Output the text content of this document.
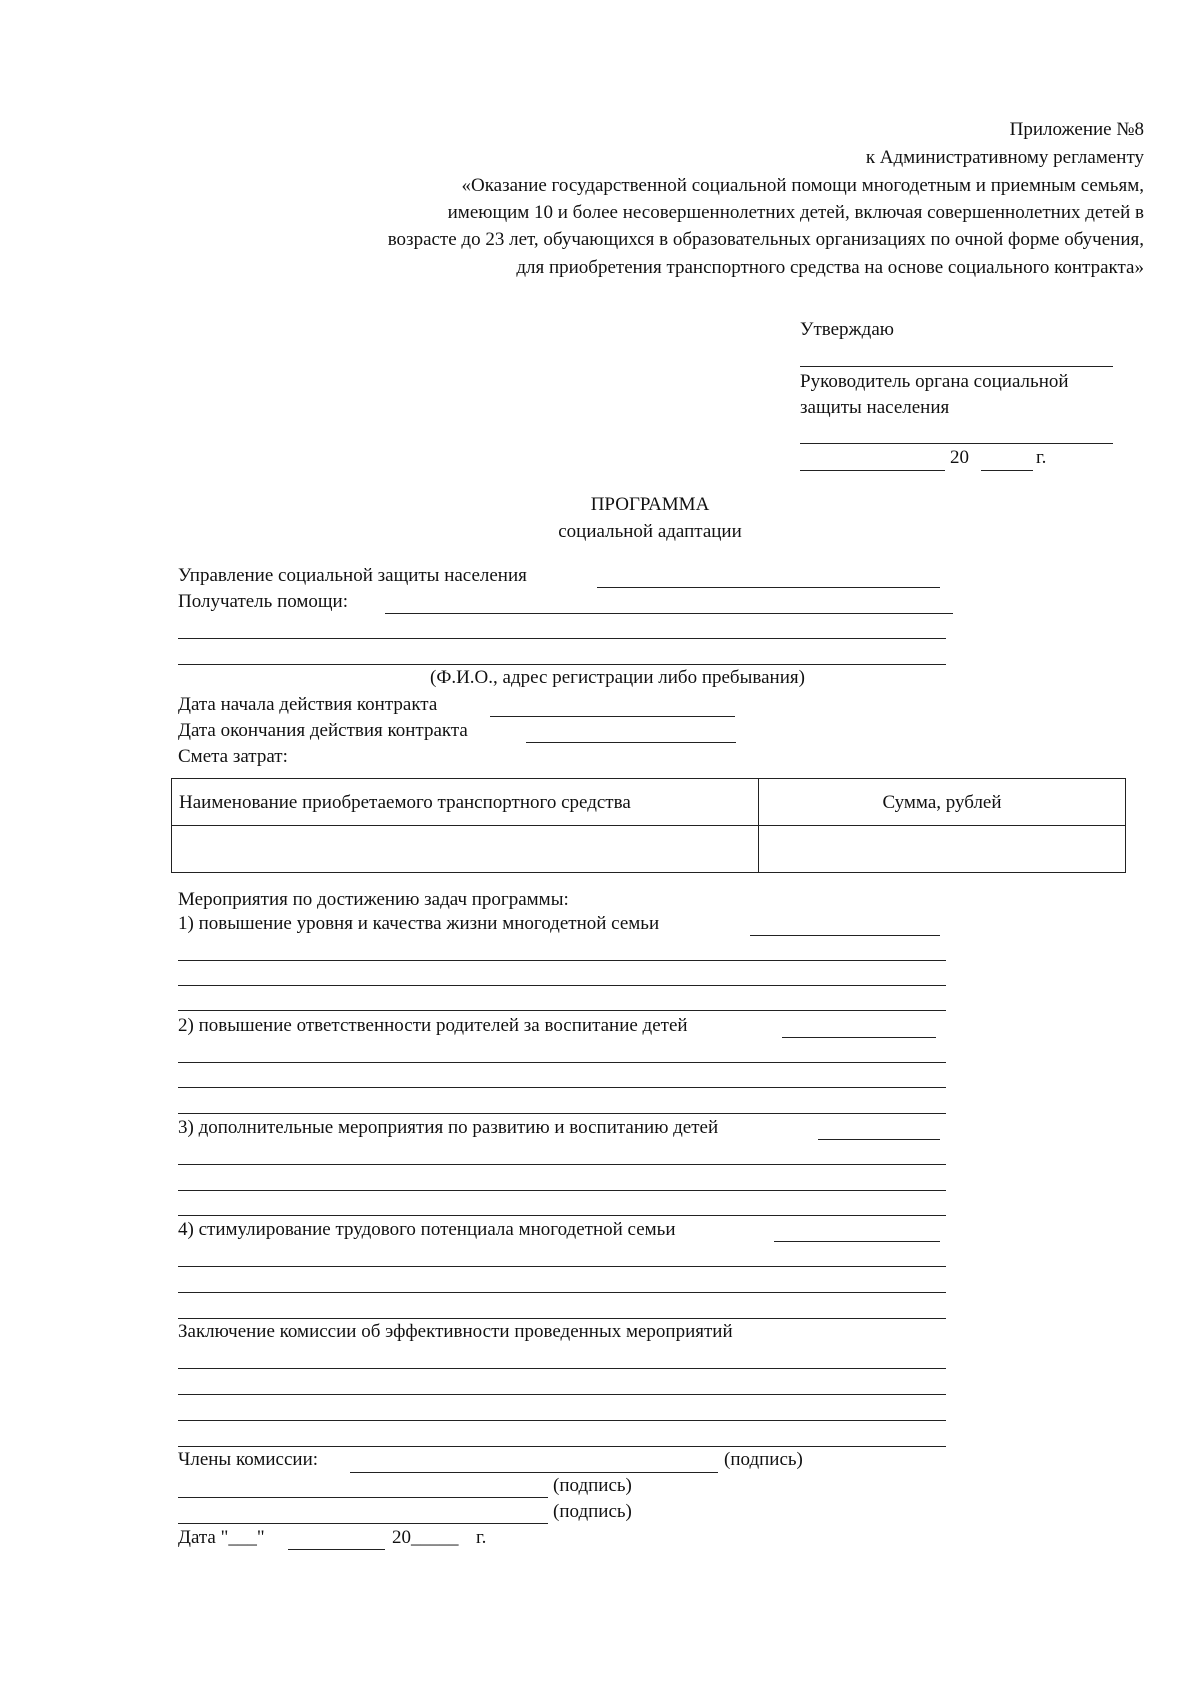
Приложение №8
к Административному регламенту
«Оказание государственной социальной помощи многодетным и приемным семьям,
имеющим 10 и более несовершеннолетних детей, включая совершеннолетних детей в
возрасте до 23 лет, обучающихся в образовательных организациях по очной форме обучения,
для приобретения транспортного средства на основе социального контракта»
Утверждаю
Руководитель органа социальной
защиты населения
20	г.
ПРОГРАММА
социальной адаптации
Управление социальной защиты населения
Получатель помощи:
(Ф.И.О., адрес регистрации либо пребывания)
Дата начала действия контракта
Дата окончания действия контракта
Смета затрат:
Наименование приобретаемого транспортного средства	Сумма, рублей
Мероприятия по достижению задач программы:
1) повышение уровня и качества жизни многодетной семьи
2) повышение ответственности родителей за воспитание детей
3) дополнительные мероприятия по развитию и воспитанию детей
4) стимулирование трудового потенциала многодетной семьи
Заключение комиссии об эффективности проведенных мероприятий
Члены комиссии:	(подпись)
(подпись)
(подпись)
Дата "___"	20_____ г.
